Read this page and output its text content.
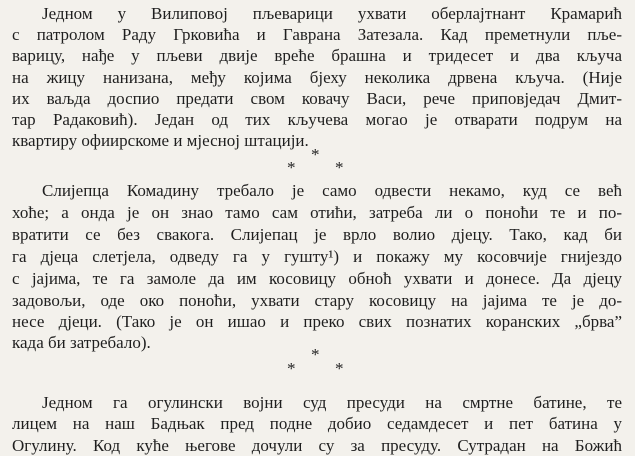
Једном у Вилиповој пљеварици ухвати оберлајтнант Крамарић
с патролом Раду Грковића и Гаврана Затезала. Кад преметнули пље-
варицу, нађе у пљеви двије врећe брашна и тридесет и два кључа
на жицу нанизана, међу којима бјеху неколика дрвена кључа. (Није
их ваљда доспио предати свом ковачу Васи, рече приповједач Дмит-
тар Радаковић). Један од тих кључева могао је отварати подрум на
квартиру офиирскоме и мјесној штацији.
*
* *
Слијепца Комадину требало је само одвести некамо, куд се већ
хоће; а онда је он знао тамо сам отићи, затреба ли о поноћи те и по-
вратити се без свакога. Слијепац је врло волио дјецу. Тако, кад би
га дјеца слетјела, одведу га у гушту¹) и покажу му косовчије гнијездо
с јајима, те га замоле да им косовицу обноћ ухвати и донесе. Да дјецу
задовољи, оде око поноћи, ухвати стару косовицу на јајима те је до-
несе дјеци. (Тако је он ишао и преко свих познатих коранских „брва”
када би затребало).
*
* *
Једном га огулински војни суд пресуди на смртне батине, те
лицем на наш Бадњак пред подне добио седамдесет и пет батина у
Огулину. Код куће његове дочули су за пресуду. Сутрадан на Божић
